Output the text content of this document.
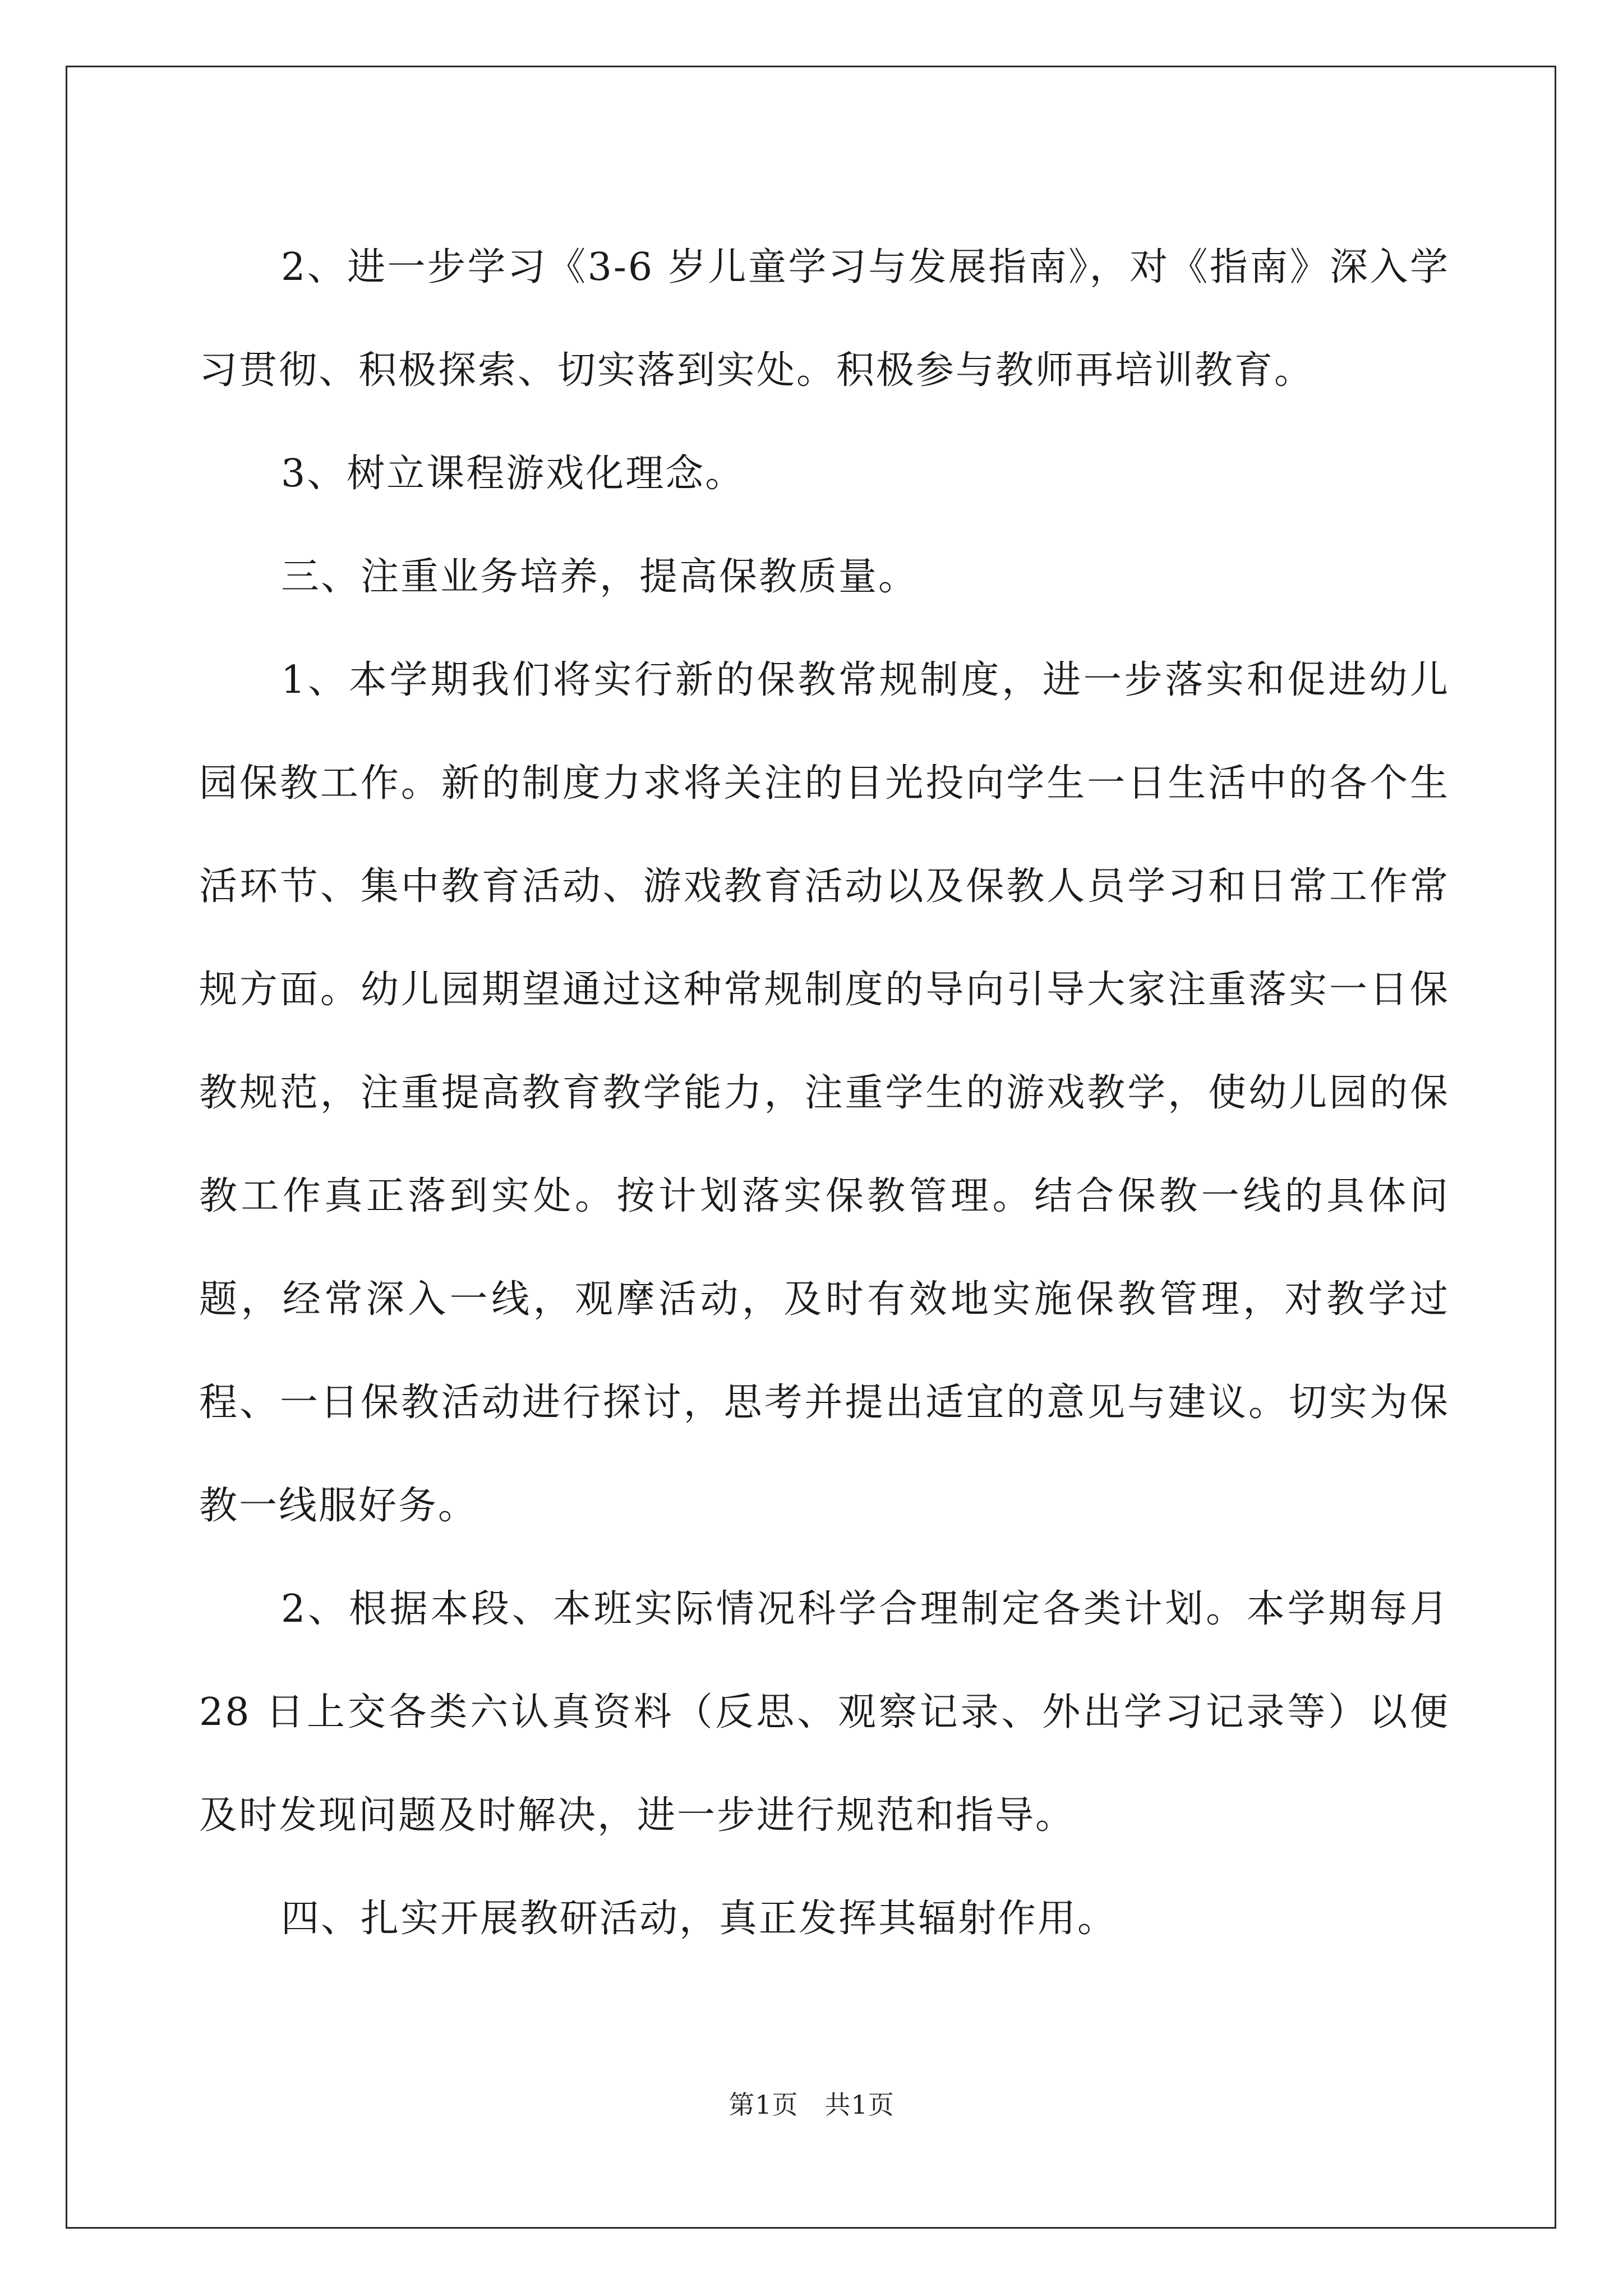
2、进一步学习《3-6 岁儿童学习与发展指南》，对《指南》深入学习贯彻、积极探索、切实落到实处。积极参与教师再培训教育。

3、树立课程游戏化理念。

三、注重业务培养，提高保教质量。

1、本学期我们将实行新的保教常规制度，进一步落实和促进幼儿园保教工作。新的制度力求将关注的目光投向学生一日生活中的各个生活环节、集中教育活动、游戏教育活动以及保教人员学习和日常工作常规方面。幼儿园期望通过这种常规制度的导向引导大家注重落实一日保教规范，注重提高教育教学能力，注重学生的游戏教学，使幼儿园的保教工作真正落到实处。按计划落实保教管理。结合保教一线的具体问题，经常深入一线，观摩活动，及时有效地实施保教管理，对教学过程、一日保教活动进行探讨，思考并提出适宜的意见与建议。切实为保教一线服好务。

2、根据本段、本班实际情况科学合理制定各类计划。本学期每月28 日上交各类六认真资料（反思、观察记录、外出学习记录等）以便及时发现问题及时解决，进一步进行规范和指导。

四、扎实开展教研活动，真正发挥其辐射作用。

第1页　共1页
